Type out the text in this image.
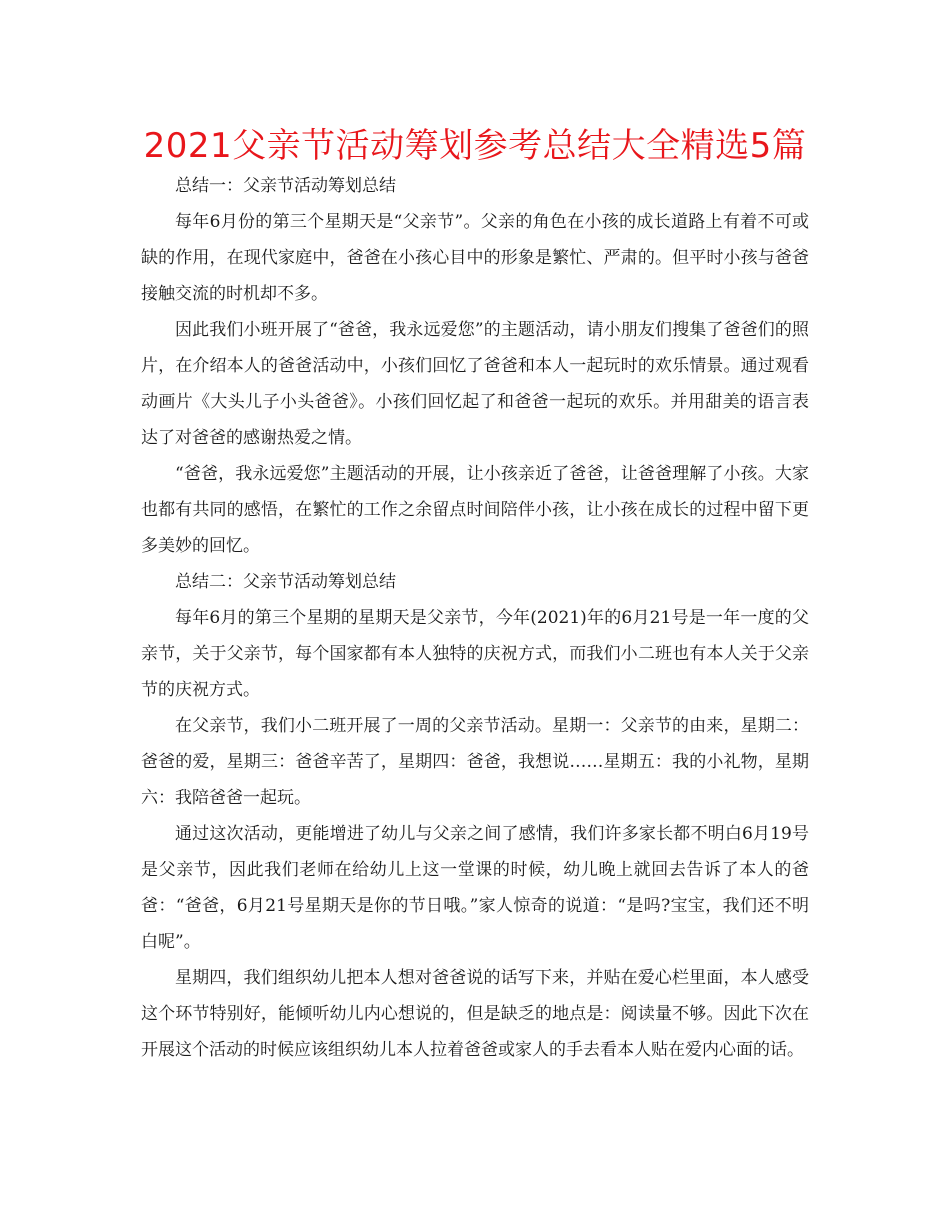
2021父亲节活动筹划参考总结大全精选5篇

总结一：父亲节活动筹划总结

每年6月份的第三个星期天是“父亲节”。父亲的角色在小孩的成长道路上有着不可或缺的作用，在现代家庭中，爸爸在小孩心目中的形象是繁忙、严肃的。但平时小孩与爸爸接触交流的时机却不多。

因此我们小班开展了“爸爸，我永远爱您”的主题活动，请小朋友们搜集了爸爸们的照片，在介绍本人的爸爸活动中，小孩们回忆了爸爸和本人一起玩时的欢乐情景。通过观看动画片《大头儿子小头爸爸》。小孩们回忆起了和爸爸一起玩的欢乐。并用甜美的语言表达了对爸爸的感谢热爱之情。

“爸爸，我永远爱您”主题活动的开展，让小孩亲近了爸爸，让爸爸理解了小孩。大家也都有共同的感悟，在繁忙的工作之余留点时间陪伴小孩，让小孩在成长的过程中留下更多美妙的回忆。

总结二：父亲节活动筹划总结

每年6月的第三个星期的星期天是父亲节，今年(2021)年的6月21号是一年一度的父亲节，关于父亲节，每个国家都有本人独特的庆祝方式，而我们小二班也有本人关于父亲节的庆祝方式。

在父亲节，我们小二班开展了一周的父亲节活动。星期一：父亲节的由来，星期二：爸爸的爱，星期三：爸爸辛苦了，星期四：爸爸，我想说……星期五：我的小礼物，星期六：我陪爸爸一起玩。

通过这次活动，更能增进了幼儿与父亲之间了感情，我们许多家长都不明白6月19号是父亲节，因此我们老师在给幼儿上这一堂课的时候，幼儿晚上就回去告诉了本人的爸爸：“爸爸，6月21号星期天是你的节日哦。”家人惊奇的说道：“是吗?宝宝，我们还不明白呢”。

星期四，我们组织幼儿把本人想对爸爸说的话写下来，并贴在爱心栏里面，本人感受这个环节特别好，能倾听幼儿内心想说的，但是缺乏的地点是：阅读量不够。因此下次在开展这个活动的时候应该组织幼儿本人拉着爸爸或家人的手去看本人贴在爱内心面的话。
